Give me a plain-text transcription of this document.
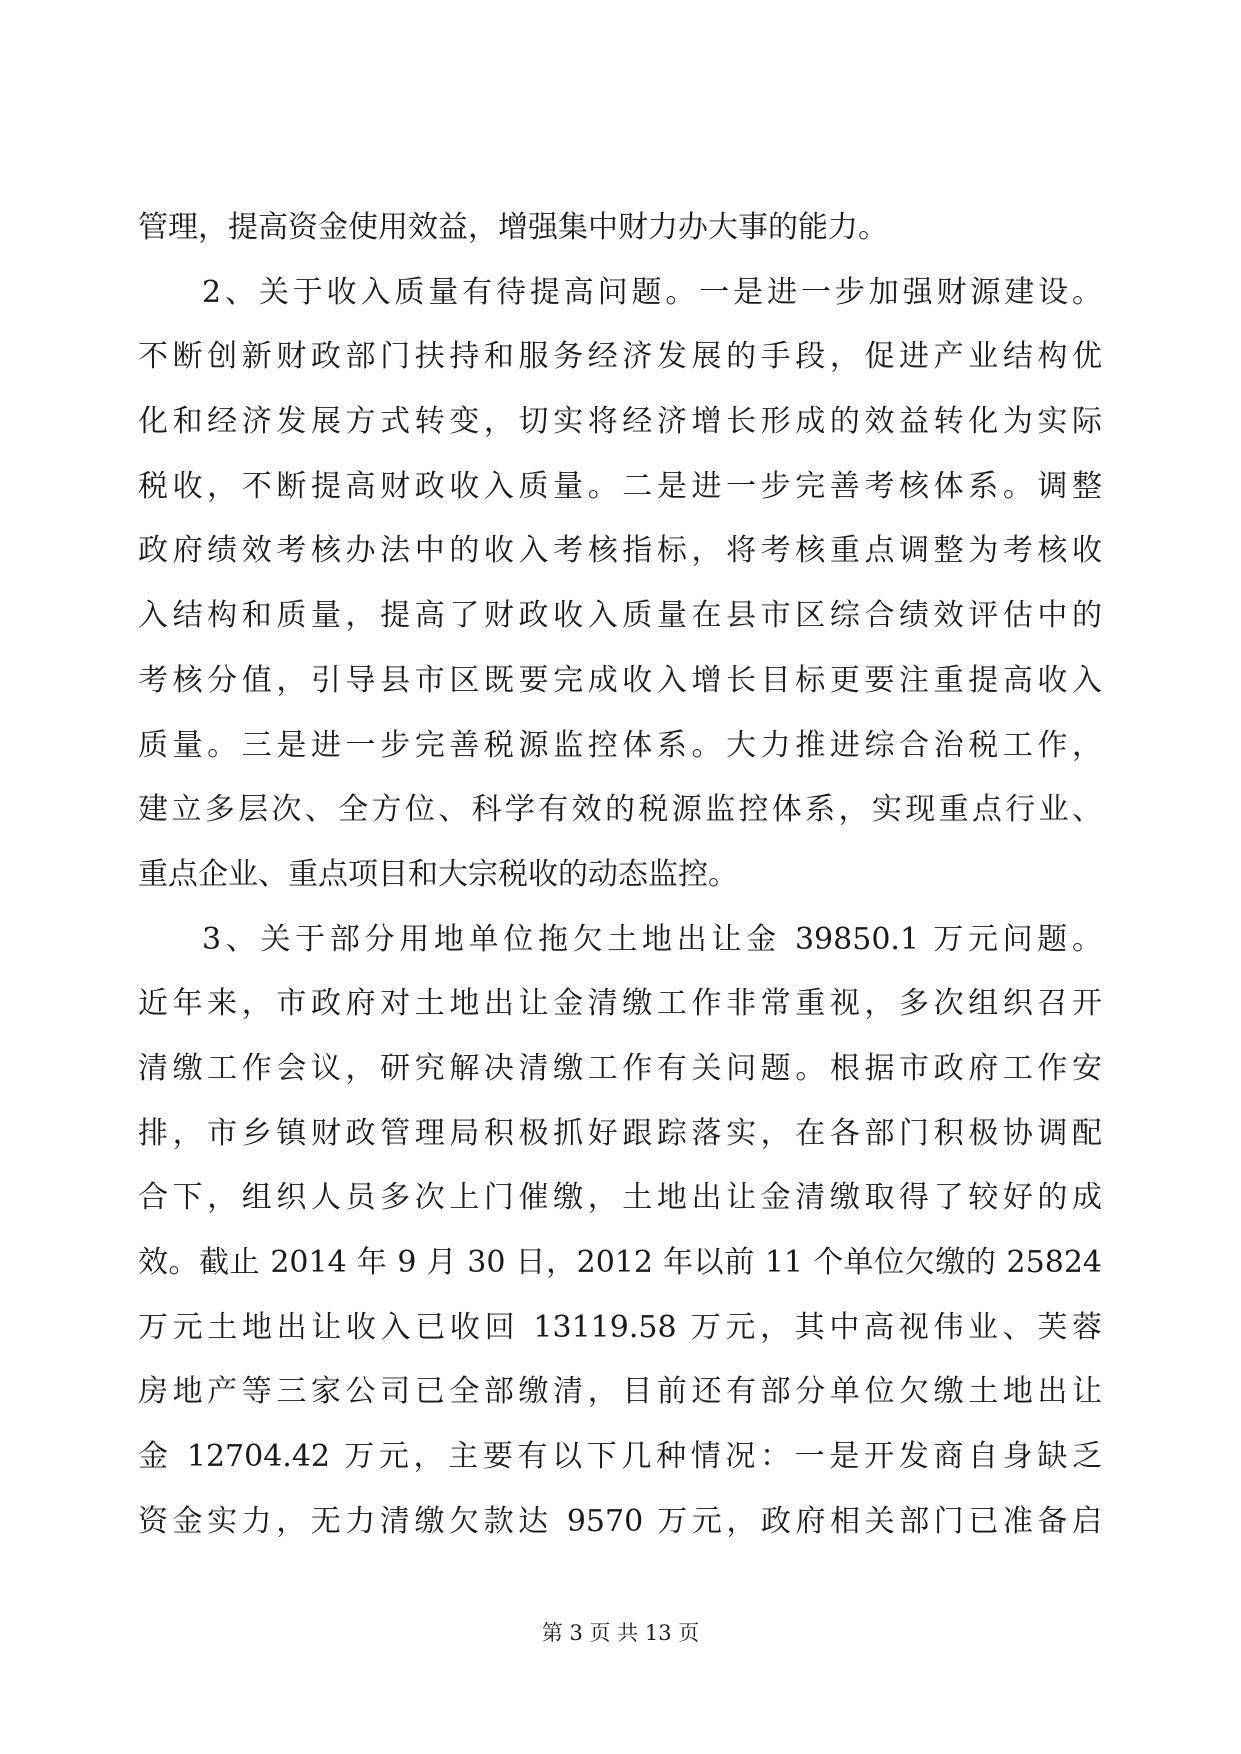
管理，提高资金使用效益，增强集中财力办大事的能力。
2、关于收入质量有待提高问题。一是进一步加强财源建设。
不断创新财政部门扶持和服务经济发展的手段，促进产业结构优
化和经济发展方式转变，切实将经济增长形成的效益转化为实际
税收，不断提高财政收入质量。二是进一步完善考核体系。调整
政府绩效考核办法中的收入考核指标，将考核重点调整为考核收
入结构和质量，提高了财政收入质量在县市区综合绩效评估中的
考核分值，引导县市区既要完成收入增长目标更要注重提高收入
质量。三是进一步完善税源监控体系。大力推进综合治税工作，
建立多层次、全方位、科学有效的税源监控体系，实现重点行业、
重点企业、重点项目和大宗税收的动态监控。
3、关于部分用地单位拖欠土地出让金 39850.1 万元问题。
近年来，市政府对土地出让金清缴工作非常重视，多次组织召开
清缴工作会议，研究解决清缴工作有关问题。根据市政府工作安
排，市乡镇财政管理局积极抓好跟踪落实，在各部门积极协调配
合下，组织人员多次上门催缴，土地出让金清缴取得了较好的成
效。截止 2014 年 9 月 30 日，2012 年以前 11 个单位欠缴的 25824
万元土地出让收入已收回 13119.58 万元，其中高视伟业、芙蓉
房地产等三家公司已全部缴清，目前还有部分单位欠缴土地出让
金 12704.42 万元，主要有以下几种情况：一是开发商自身缺乏
资金实力，无力清缴欠款达 9570 万元，政府相关部门已准备启
第 3 页 共 13 页
